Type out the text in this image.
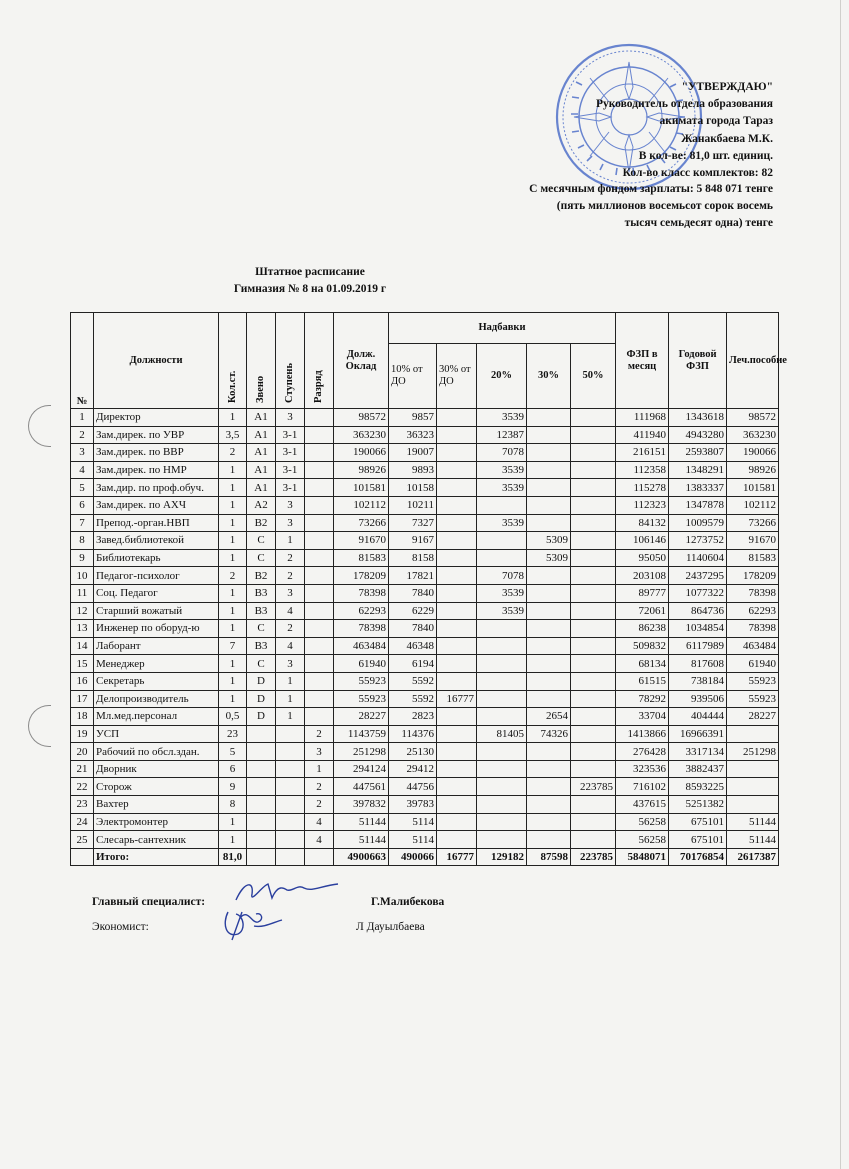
"УТВЕРЖДАЮ"
Руководитель отдела образования
акимата города Тараз
Жанакбаева М.К.
В кол-ве: 81,0 шт. единиц.
Кол-во класс комплектов: 82
С месячным фондом зарплаты: 5 848 071 тенге
(пять миллионов восемьсот сорок восемь
тысяч семьдесят одна) тенге
Штатное расписание
Гимназия № 8 на 01.09.2019 г
№	Должности	Кол.ст.	Звено	Ступень	Разряд	Долж. Оклад	Надбавки					ФЗП в месяц	Годовой ФЗП	Леч.пособие
							10% от ДО	30% от ДО	20%	30%	50%			
1	Директор	1	А1	3		98572	9857		3539			111968	1343618	98572
2	Зам.дирек. по УВР	3,5	А1	3-1		363230	36323		12387			411940	4943280	363230
3	Зам.дирек. по ВВР	2	А1	3-1		190066	19007		7078			216151	2593807	190066
4	Зам.дирек. по НМР	1	А1	3-1		98926	9893		3539			112358	1348291	98926
5	Зам.дир. по проф.обуч.	1	А1	3-1		101581	10158		3539			115278	1383337	101581
6	Зам.дирек. по АХЧ	1	А2	3		102112	10211					112323	1347878	102112
7	Препод.-орган.НВП	1	В2	3		73266	7327		3539			84132	1009579	73266
8	Завед.библиотекой	1	С	1		91670	9167			5309		106146	1273752	91670
9	Библиотекарь	1	С	2		81583	8158			5309		95050	1140604	81583
10	Педагог-психолог	2	В2	2		178209	17821		7078			203108	2437295	178209
11	Соц. Педагог	1	В3	3		78398	7840		3539			89777	1077322	78398
12	Старший вожатый	1	В3	4		62293	6229		3539			72061	864736	62293
13	Инженер по оборуд-ю	1	С	2		78398	7840					86238	1034854	78398
14	Лаборант	7	В3	4		463484	46348					509832	6117989	463484
15	Менеджер	1	С	3		61940	6194					68134	817608	61940
16	Секретарь	1	D	1		55923	5592					61515	738184	55923
17	Делопроизводитель	1	D	1		55923	5592	16777				78292	939506	55923
18	Мл.мед.персонал	0,5	D	1		28227	2823			2654		33704	404444	28227
19	УСП	23			2	1143759	114376		81405	74326		1413866	16966391	
20	Рабочий по обсл.здан.	5			3	251298	25130					276428	3317134	251298
21	Дворник	6			1	294124	29412					323536	3882437	
22	Сторож	9			2	447561	44756				223785	716102	8593225	
23	Вахтер	8			2	397832	39783					437615	5251382	
24	Электромонтер	1			4	51144	5114					56258	675101	51144
25	Слесарь-сантехник	1			4	51144	5114					56258	675101	51144
	Итого:	81,0				4900663	490066	16777	129182	87598	223785	5848071	70176854	2617387
Главный специалист:	Г.Малибекова
Экономист:	Л Дауылбаева
